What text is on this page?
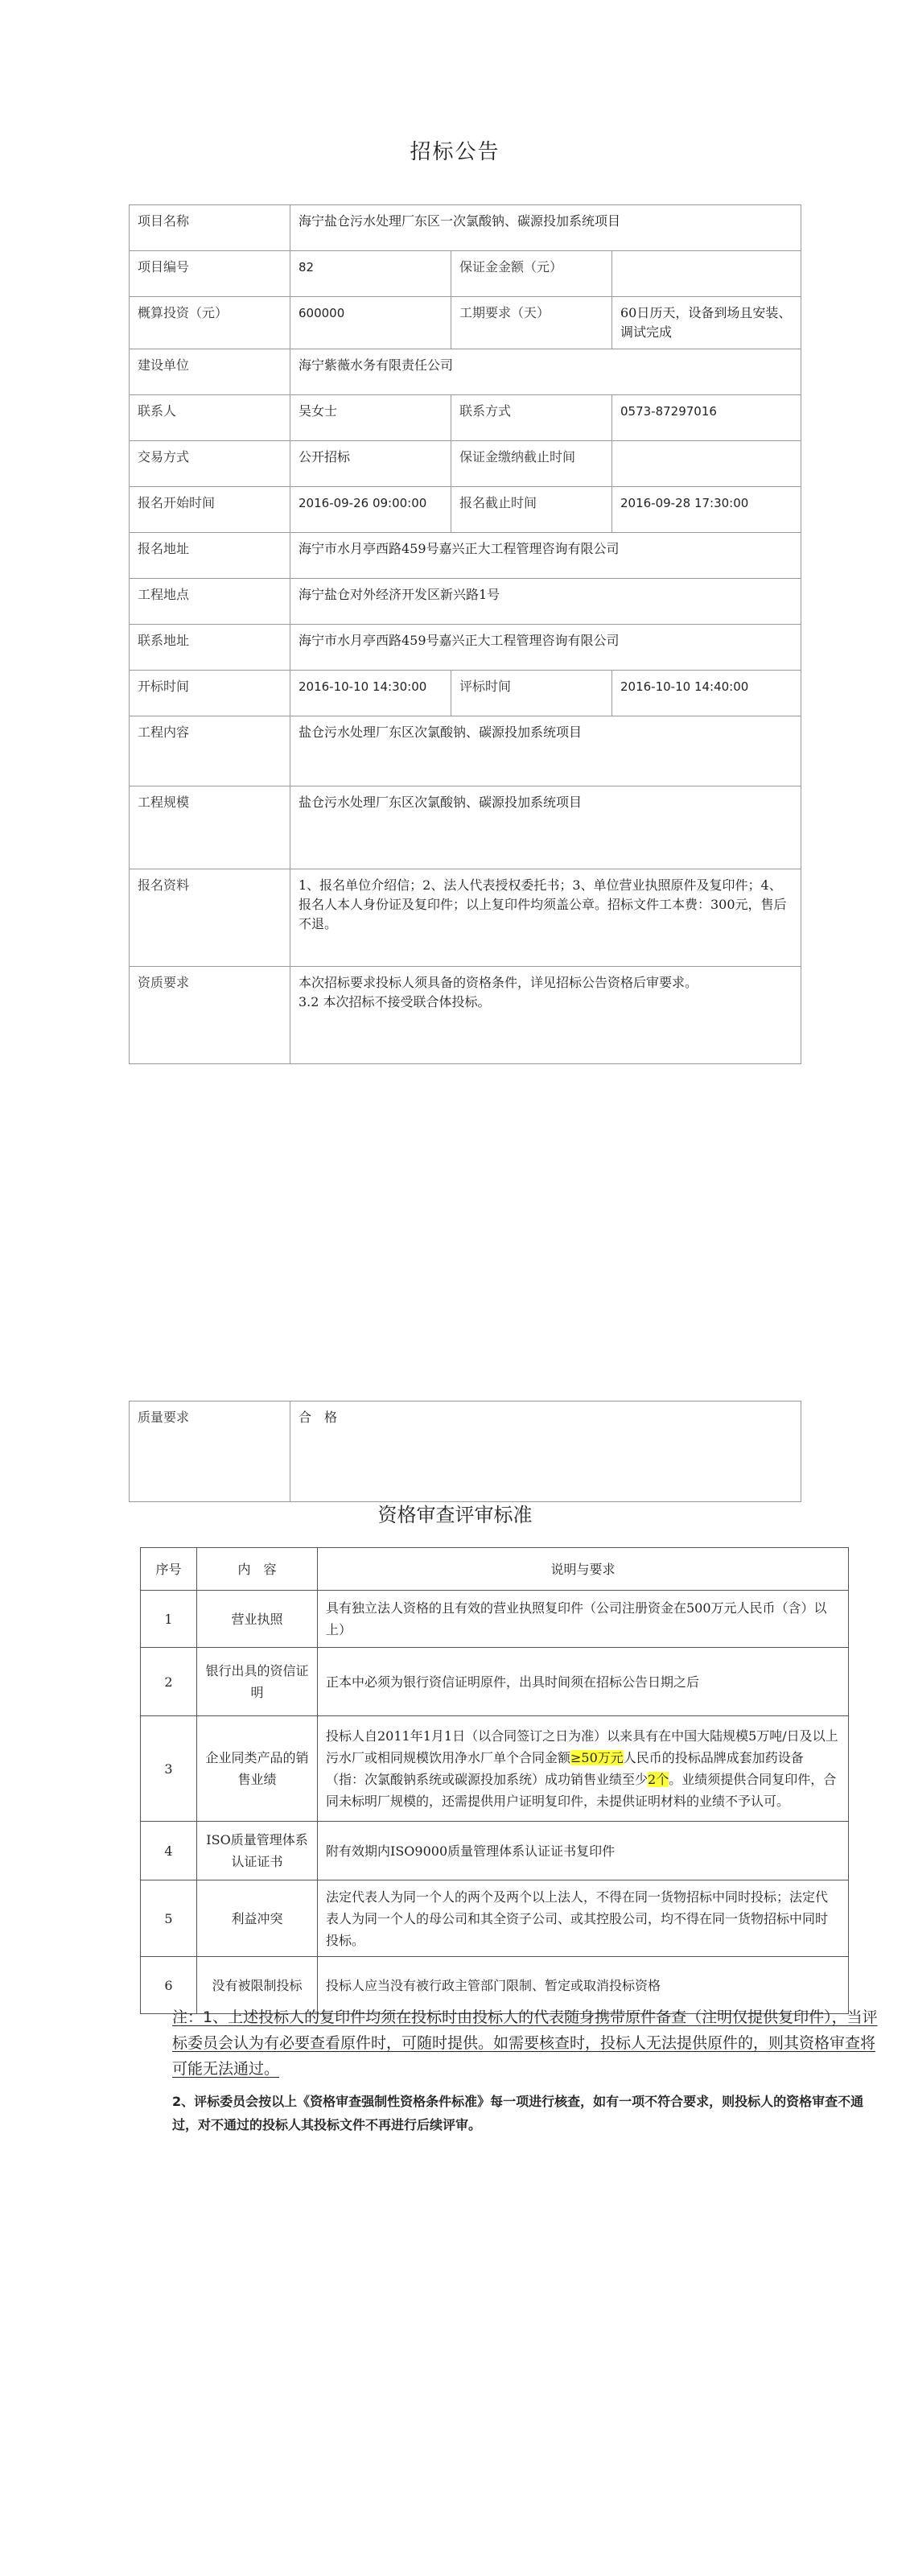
招标公告
项目名称	海宁盐仓污水处理厂东区一次氯酸钠、碳源投加系统项目		
项目编号	82	保证金金额（元）	
概算投资（元）	600000	工期要求（天）	60日历天，设备到场且安装、调试完成
建设单位	海宁紫薇水务有限责任公司		
联系人	吴女士	联系方式	0573-87297016
交易方式	公开招标	保证金缴纳截止时间	
报名开始时间	2016-09-26 09:00:00	报名截止时间	2016-09-28 17:30:00
报名地址	海宁市水月亭西路459号嘉兴正大工程管理咨询有限公司		
工程地点	海宁盐仓对外经济开发区新兴路1号		
联系地址	海宁市水月亭西路459号嘉兴正大工程管理咨询有限公司		
开标时间	2016-10-10 14:30:00	评标时间	2016-10-10 14:40:00
工程内容	盐仓污水处理厂东区次氯酸钠、碳源投加系统项目		
工程规模	盐仓污水处理厂东区次氯酸钠、碳源投加系统项目		
报名资料	1、报名单位介绍信；2、法人代表授权委托书；3、单位营业执照原件及复印件；4、报名人本人身份证及复印件；以上复印件均须盖公章。招标文件工本费：300元，售后不退。		
资质要求	本次招标要求投标人须具备的资格条件，详见招标公告资格后审要求。
3.2 本次招标不接受联合体投标。		
质量要求	合　格
资格审查评审标准
序号	内　容	说明与要求
1	营业执照	具有独立法人资格的且有效的营业执照复印件（公司注册资金在500万元人民币（含）以上）
2	银行出具的资信证明	正本中必须为银行资信证明原件，出具时间须在招标公告日期之后
3	企业同类产品的销售业绩	投标人自2011年1月1日（以合同签订之日为准）以来具有在中国大陆规模5万吨/日及以上污水厂或相同规模饮用净水厂单个合同金额≥50万元人民币的投标品牌成套加药设备（指：次氯酸钠系统或碳源投加系统）成功销售业绩至少2个。业绩须提供合同复印件，合同未标明厂规模的，还需提供用户证明复印件，未提供证明材料的业绩不予认可。
4	ISO质量管理体系认证证书	附有效期内ISO9000质量管理体系认证证书复印件
5	利益冲突	法定代表人为同一个人的两个及两个以上法人，不得在同一货物招标中同时投标；法定代表人为同一个人的母公司和其全资子公司、或其控股公司，均不得在同一货物招标中同时投标。
6	没有被限制投标	投标人应当没有被行政主管部门限制、暂定或取消投标资格
注：1、上述投标人的复印件均须在投标时由投标人的代表随身携带原件备查（注明仅提供复印件），当评标委员会认为有必要查看原件时，可随时提供。如需要核查时，投标人无法提供原件的，则其资格审查将可能无法通过。
2、评标委员会按以上《资格审查强制性资格条件标准》每一项进行核查，如有一项不符合要求，则投标人的资格审查不通过，对不通过的投标人其投标文件不再进行后续评审。
